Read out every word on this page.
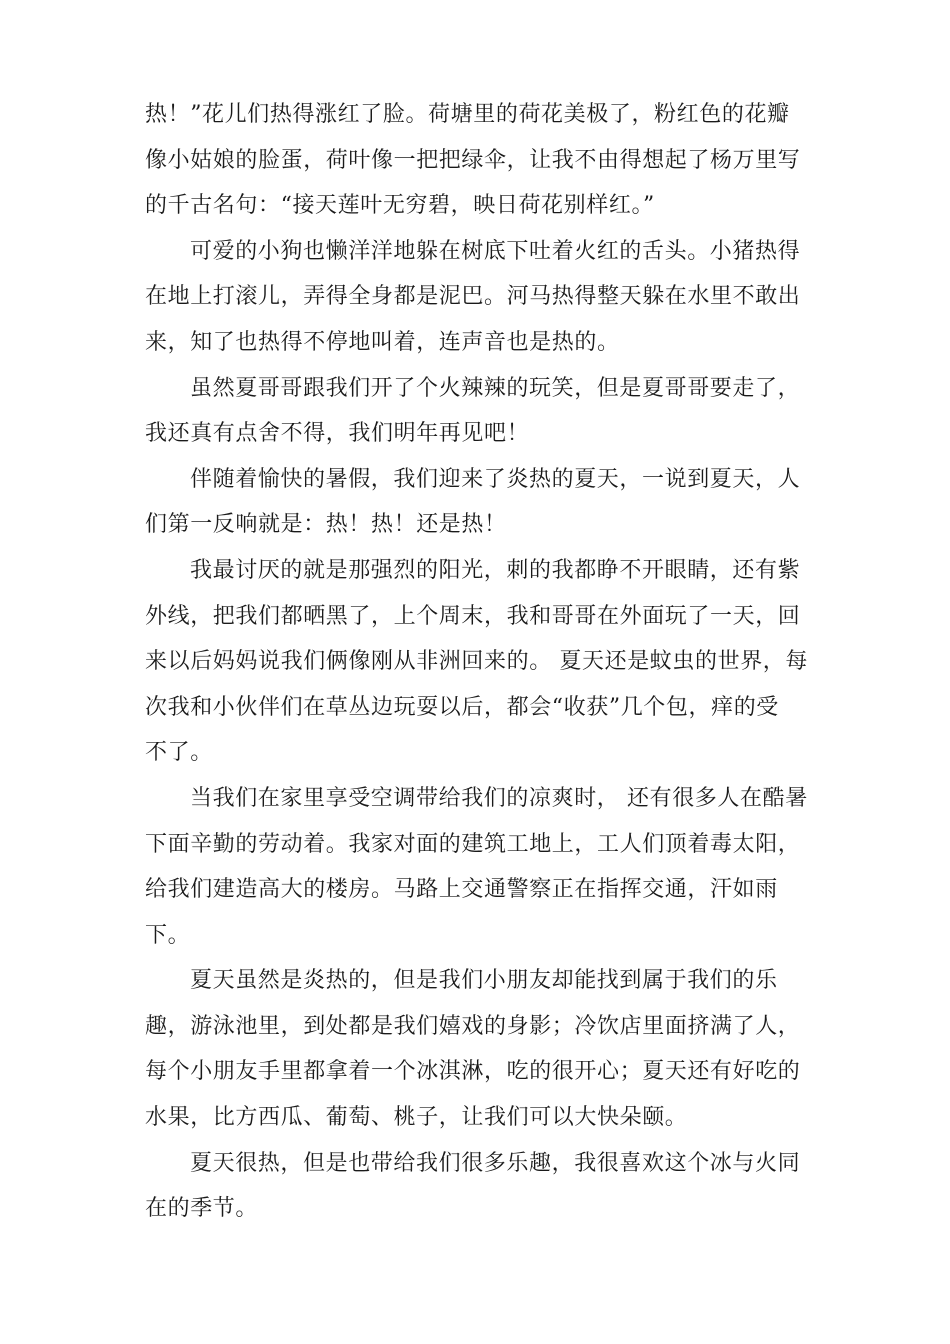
热！”花儿们热得涨红了脸。荷塘里的荷花美极了，粉红色的花瓣
像小姑娘的脸蛋，荷叶像一把把绿伞，让我不由得想起了杨万里写
的千古名句：“接天莲叶无穷碧，映日荷花别样红。”
可爱的小狗也懒洋洋地躲在树底下吐着火红的舌头。小猪热得
在地上打滚儿，弄得全身都是泥巴。河马热得整天躲在水里不敢出
来，知了也热得不停地叫着，连声音也是热的。
虽然夏哥哥跟我们开了个火辣辣的玩笑，但是夏哥哥要走了，
我还真有点舍不得，我们明年再见吧！
伴随着愉快的暑假，我们迎来了炎热的夏天，一说到夏天，人
们第一反响就是：热！热！还是热！
我最讨厌的就是那强烈的阳光，刺的我都睁不开眼睛，还有紫
外线，把我们都晒黑了，上个周末，我和哥哥在外面玩了一天，回
来以后妈妈说我们俩像刚从非洲回来的。 夏天还是蚊虫的世界，每
次我和小伙伴们在草丛边玩耍以后，都会“收获”几个包，痒的受
不了。
当我们在家里享受空调带给我们的凉爽时， 还有很多人在酷暑
下面辛勤的劳动着。我家对面的建筑工地上，工人们顶着毒太阳，
给我们建造高大的楼房。马路上交通警察正在指挥交通，汗如雨
下。
夏天虽然是炎热的，但是我们小朋友却能找到属于我们的乐
趣，游泳池里，到处都是我们嬉戏的身影；冷饮店里面挤满了人，
每个小朋友手里都拿着一个冰淇淋，吃的很开心；夏天还有好吃的
水果，比方西瓜、葡萄、桃子，让我们可以大快朵颐。
夏天很热，但是也带给我们很多乐趣，我很喜欢这个冰与火同
在的季节。
